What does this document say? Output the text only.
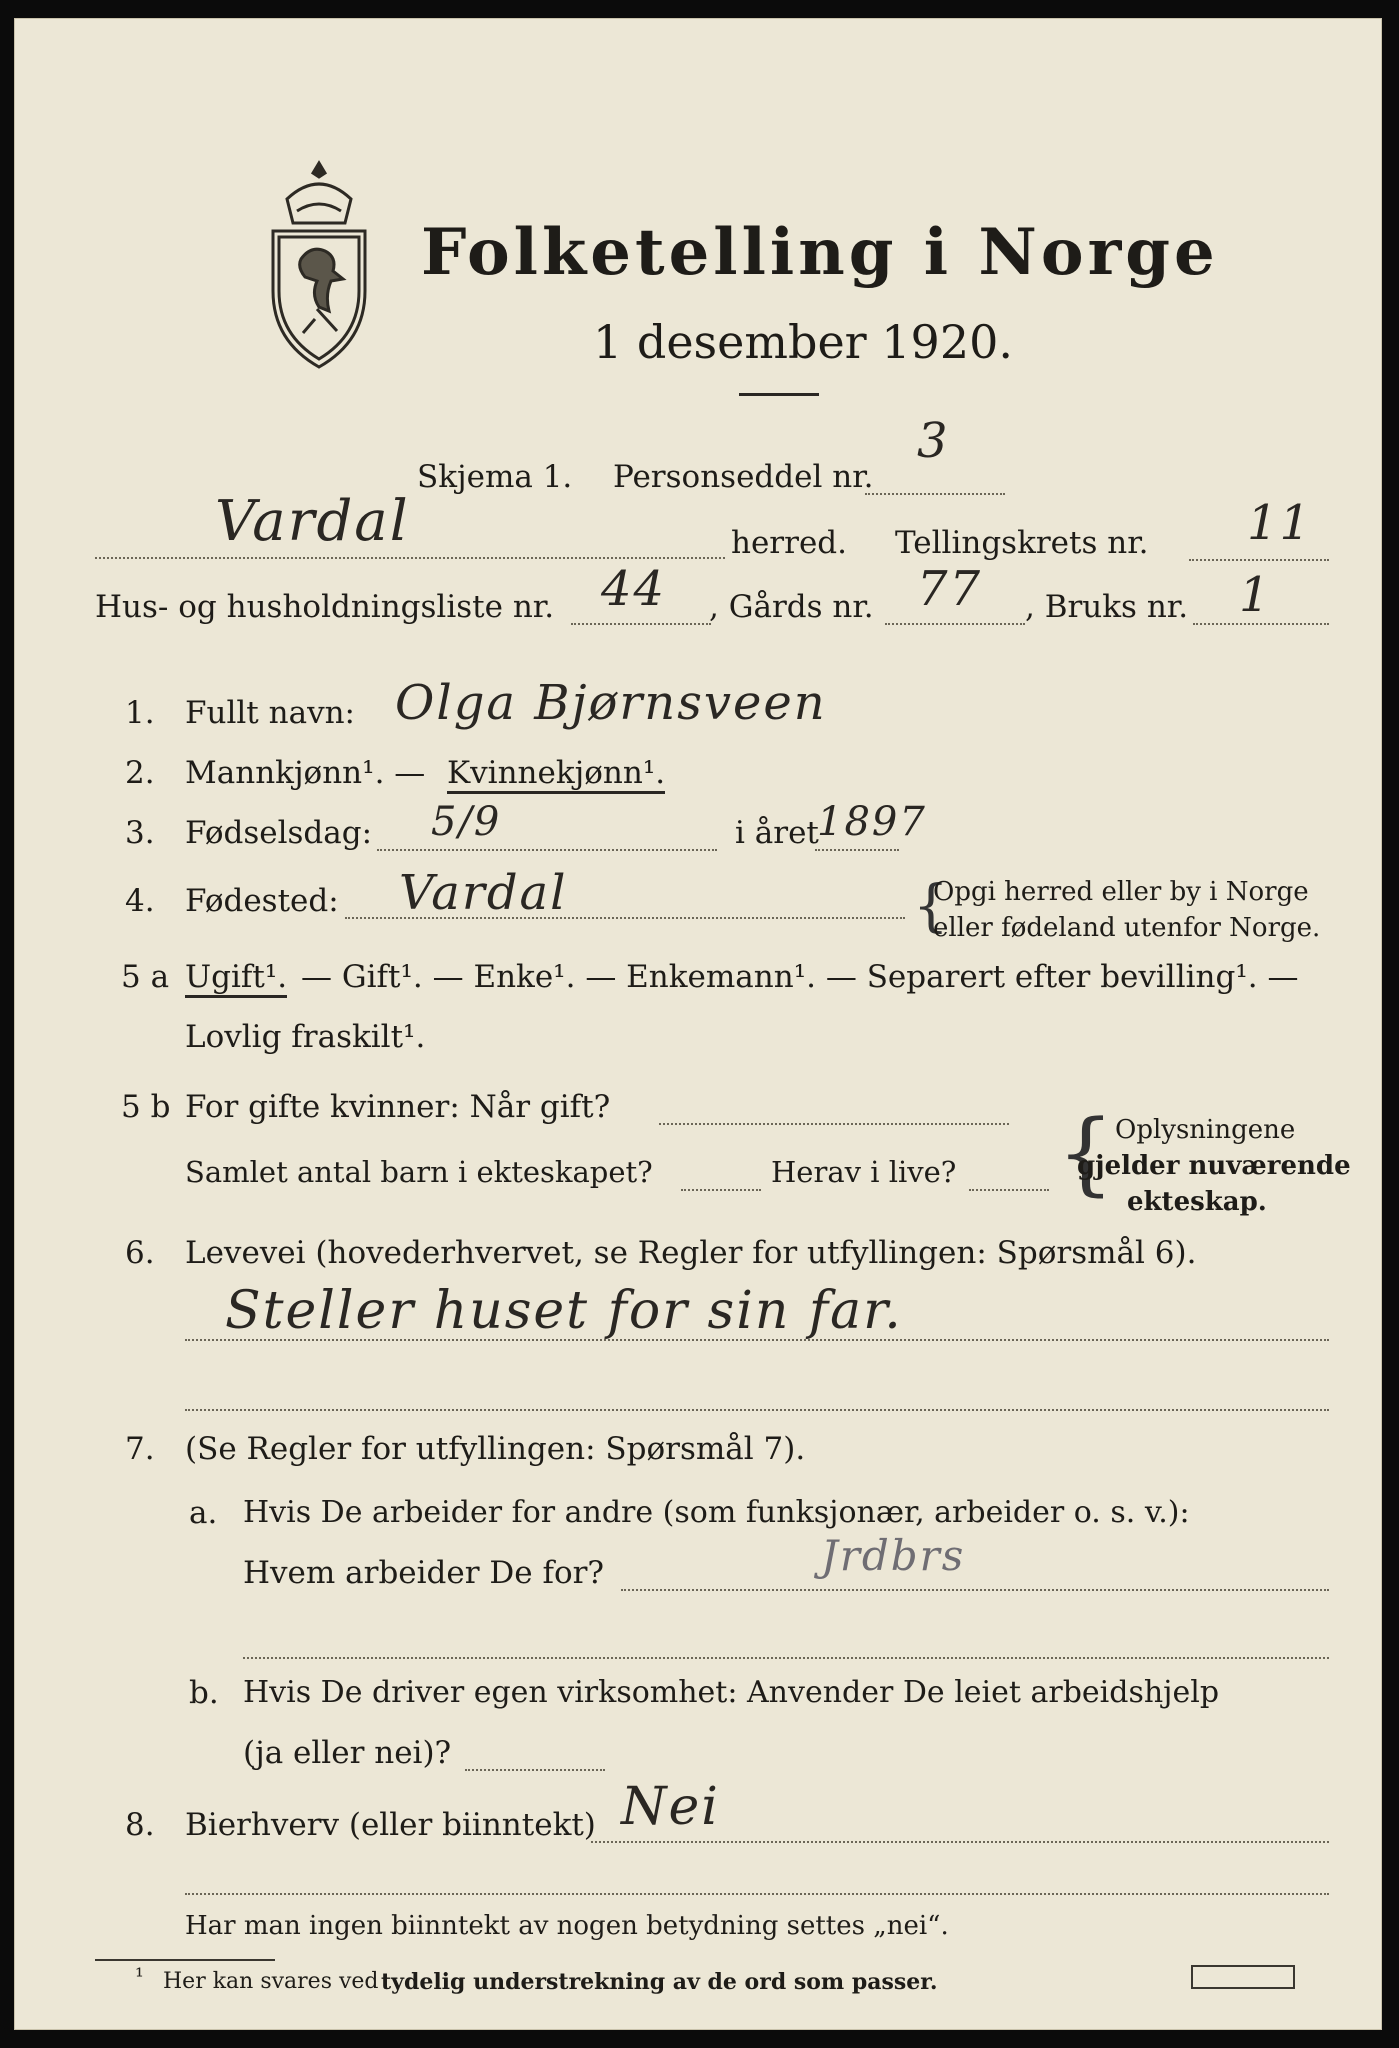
Folketelling i Norge
1 desember 1920.
Skjema 1. Personseddel nr.
3
Vardal	herred. Tellingskrets nr. 11
Hus- og husholdningsliste nr. 44 , Gårds nr. 77 , Bruks nr. 1
1. Fullt navn: Olga Bjørnsveen
2. Mannkjønn¹. — Kvinnekjønn¹.
3. Fødselsdag: 5/9	i året
1897
4. Fødested: Vardal	{
Opgi herred eller by i Norge
eller fødeland utenfor Norge.
5 a Ugift¹. — Gift¹. — Enke¹. — Enkemann¹. — Separert efter bevilling¹. —
Lovlig fraskilt¹.
5 b For gifte kvinner: Når gift?
Samlet antal barn i ekteskapet?	Herav i live? { Oplysningene
gjelder nuværende
ekteskap.
6. Levevei (hovederhvervet, se Regler for utfyllingen: Spørsmål 6).
Steller huset for sin far.
7. (Se Regler for utfyllingen: Spørsmål 7).
a. Hvis De arbeider for andre (som funksjonær, arbeider o. s. v.):
Hvem arbeider De for?	Jrdbrs
b. Hvis De driver egen virksomhet: Anvender De leiet arbeidshjelp
(ja eller nei)?
8. Bierhverv (eller biinntekt) Nei
Har man ingen biinntekt av nogen betydning settes „nei“.
¹ Her kan svares ved tydelig understrekning av de ord som passer.
